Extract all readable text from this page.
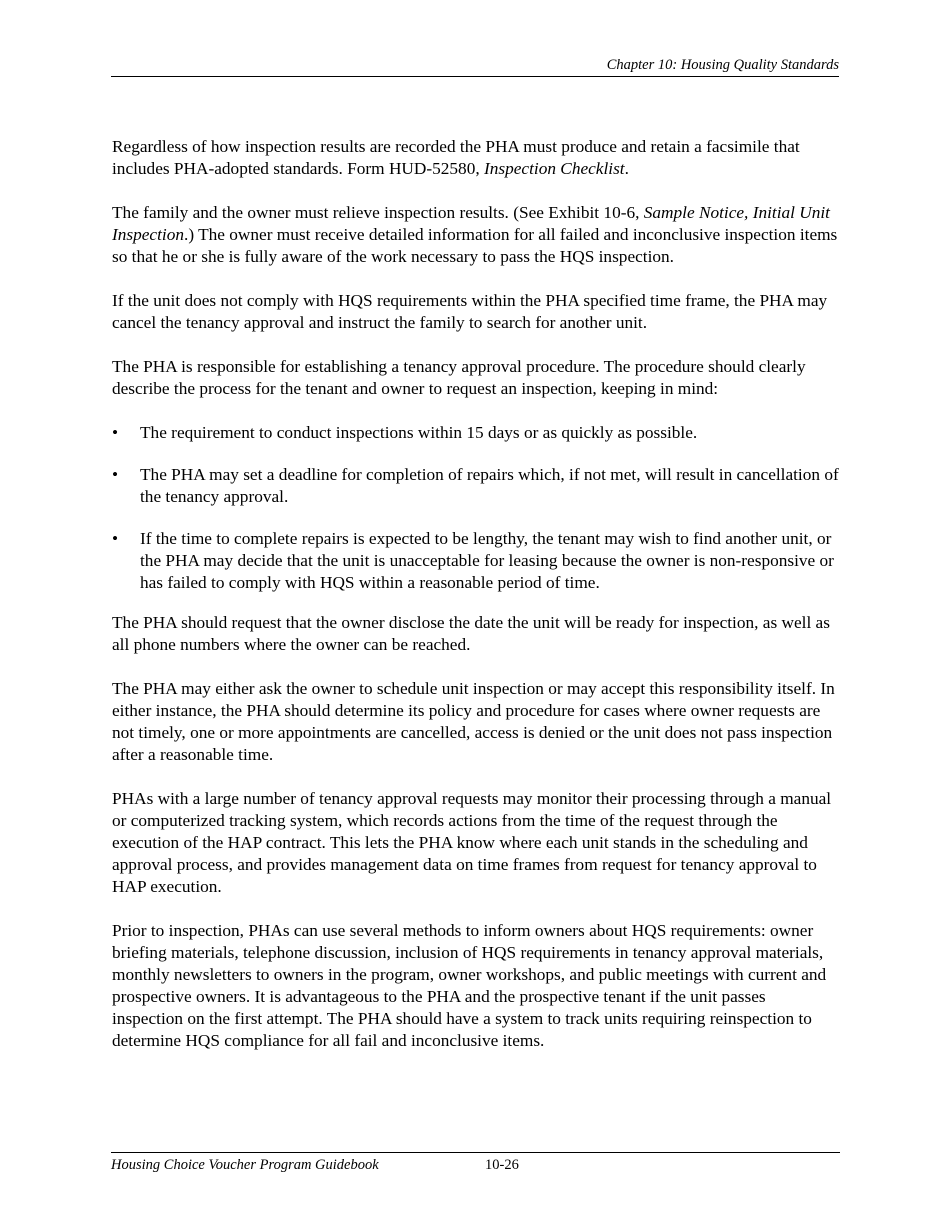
Chapter 10: Housing Quality Standards

Regardless of how inspection results are recorded the PHA must produce and retain a facsimile that includes PHA-adopted standards. Form HUD-52580, Inspection Checklist.

The family and the owner must relieve inspection results. (See Exhibit 10-6, Sample Notice, Initial Unit Inspection.) The owner must receive detailed information for all failed and inconclusive inspection items so that he or she is fully aware of the work necessary to pass the HQS inspection.

If the unit does not comply with HQS requirements within the PHA specified time frame, the PHA may cancel the tenancy approval and instruct the family to search for another unit.

The PHA is responsible for establishing a tenancy approval procedure. The procedure should clearly describe the process for the tenant and owner to request an inspection, keeping in mind:

•	The requirement to conduct inspections within 15 days or as quickly as possible.
•	The PHA may set a deadline for completion of repairs which, if not met, will result in cancellation of the tenancy approval.
•	If the time to complete repairs is expected to be lengthy, the tenant may wish to find another unit, or the PHA may decide that the unit is unacceptable for leasing because the owner is non-responsive or has failed to comply with HQS within a reasonable period of time.

The PHA should request that the owner disclose the date the unit will be ready for inspection, as well as all phone numbers where the owner can be reached.

The PHA may either ask the owner to schedule unit inspection or may accept this responsibility itself. In either instance, the PHA should determine its policy and procedure for cases where owner requests are not timely, one or more appointments are cancelled, access is denied or the unit does not pass inspection after a reasonable time.

PHAs with a large number of tenancy approval requests may monitor their processing through a manual or computerized tracking system, which records actions from the time of the request through the execution of the HAP contract. This lets the PHA know where each unit stands in the scheduling and approval process, and provides management data on time frames from request for tenancy approval to HAP execution.

Prior to inspection, PHAs can use several methods to inform owners about HQS requirements: owner briefing materials, telephone discussion, inclusion of HQS requirements in tenancy approval materials, monthly newsletters to owners in the program, owner workshops, and public meetings with current and prospective owners. It is advantageous to the PHA and the prospective tenant if the unit passes inspection on the first attempt. The PHA should have a system to track units requiring reinspection to determine HQS compliance for all fail and inconclusive items.

Housing Choice Voucher Program Guidebook	10-26
